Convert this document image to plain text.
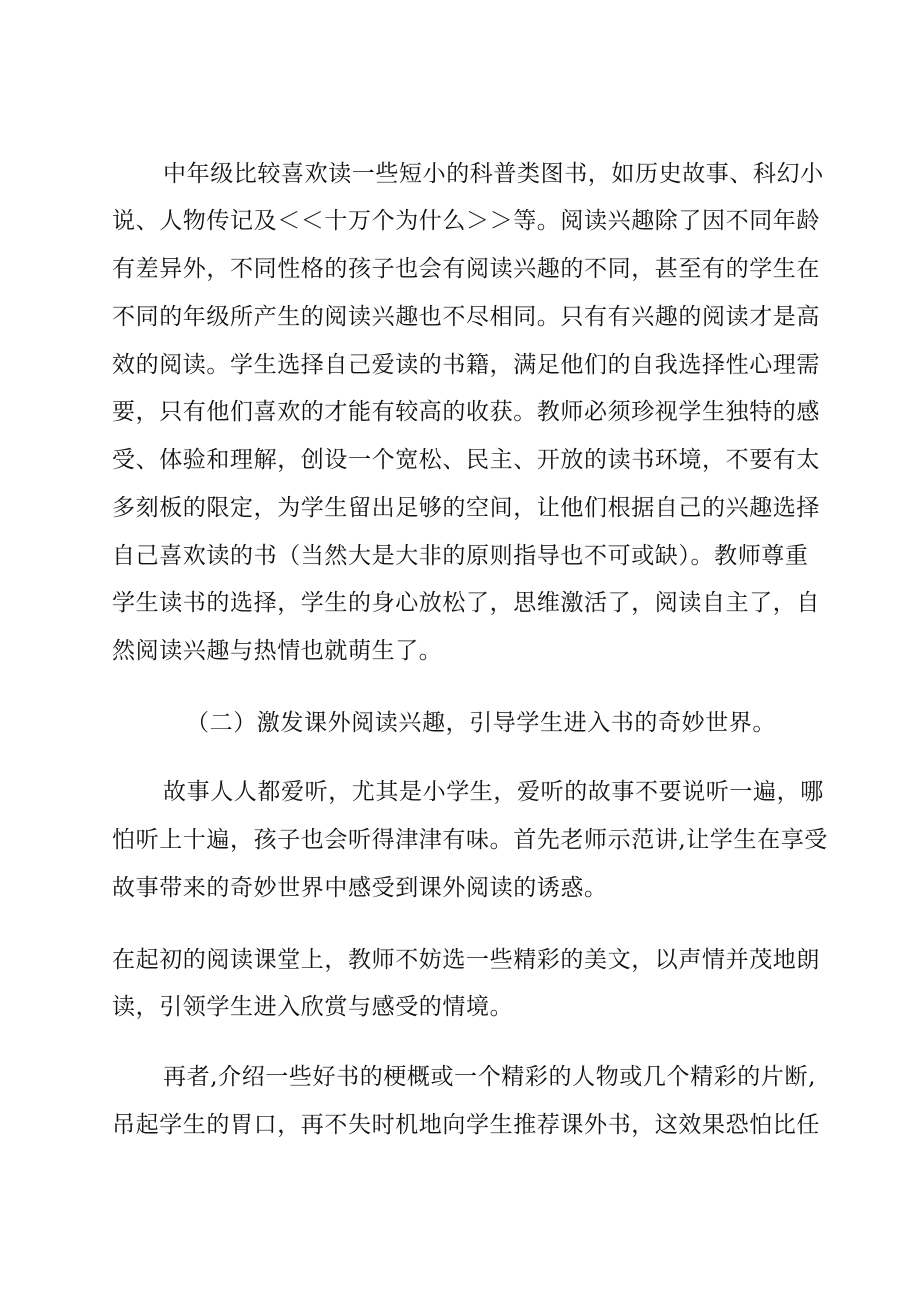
中年级比较喜欢读一些短小的科普类图书，如历史故事、科幻小
说、人物传记及＜＜十万个为什么＞＞等。阅读兴趣除了因不同年龄
有差异外，不同性格的孩子也会有阅读兴趣的不同，甚至有的学生在
不同的年级所产生的阅读兴趣也不尽相同。只有有兴趣的阅读才是高
效的阅读。学生选择自己爱读的书籍，满足他们的自我选择性心理需
要，只有他们喜欢的才能有较高的收获。教师必须珍视学生独特的感
受、体验和理解，创设一个宽松、民主、开放的读书环境，不要有太
多刻板的限定，为学生留出足够的空间，让他们根据自己的兴趣选择
自己喜欢读的书（当然大是大非的原则指导也不可或缺）。教师尊重
学生读书的选择，学生的身心放松了，思维激活了，阅读自主了，自
然阅读兴趣与热情也就萌生了。
（二）激发课外阅读兴趣，引导学生进入书的奇妙世界。
故事人人都爱听，尤其是小学生，爱听的故事不要说听一遍，哪
怕听上十遍，孩子也会听得津津有味。首先老师示范讲,让学生在享受
故事带来的奇妙世界中感受到课外阅读的诱惑。
在起初的阅读课堂上，教师不妨选一些精彩的美文，以声情并茂地朗
读，引领学生进入欣赏与感受的情境。
再者,介绍一些好书的梗概或一个精彩的人物或几个精彩的片断,
吊起学生的胃口，再不失时机地向学生推荐课外书，这效果恐怕比任
